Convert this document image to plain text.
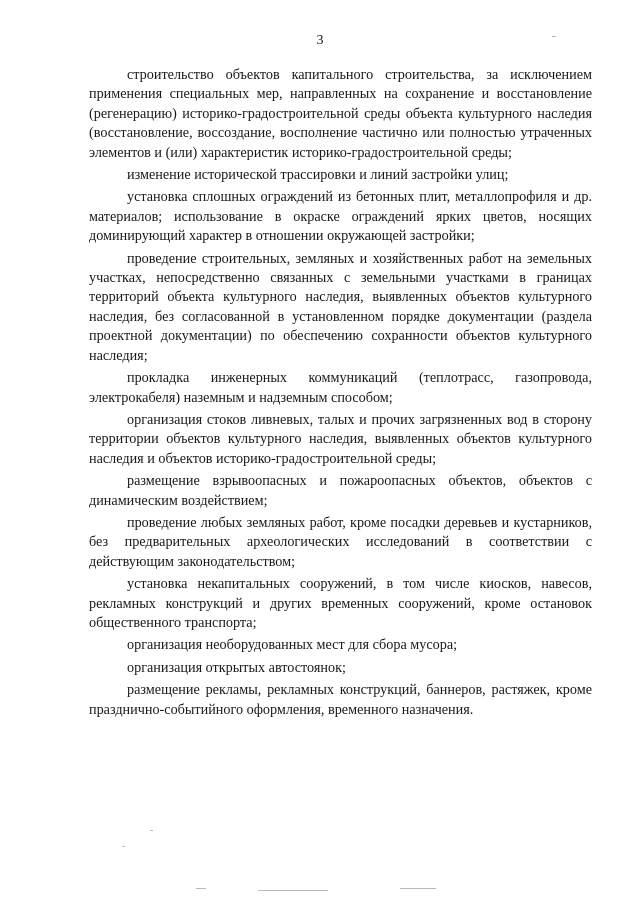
3

строительство объектов капитального строительства, за исключением применения специальных мер, направленных на сохранение и восстановление (регенерацию) историко-градостроительной среды объекта культурного наследия (восстановление, воссоздание, восполнение частично или полностью утраченных элементов и (или) характеристик историко-градостроительной среды;

изменение исторической трассировки и линий застройки улиц;

установка сплошных ограждений из бетонных плит, металлопрофиля и др. материалов; использование в окраске ограждений ярких цветов, носящих доминирующий характер в отношении окружающей застройки;

проведение строительных, земляных и хозяйственных работ на земельных участках, непосредственно связанных с земельными участками в границах территорий объекта культурного наследия, выявленных объектов культурного наследия, без согласованной в установленном порядке документации (раздела проектной документации) по обеспечению сохранности объектов культурного наследия;

прокладка инженерных коммуникаций (теплотрасс, газопровода, электрокабеля) наземным и надземным способом;

организация стоков ливневых, талых и прочих загрязненных вод в сторону территории объектов культурного наследия, выявленных объектов культурного наследия и объектов историко-градостроительной среды;

размещение взрывоопасных и пожароопасных объектов, объектов с динамическим воздействием;

проведение любых земляных работ, кроме посадки деревьев и кустарников, без предварительных археологических исследований в соответствии с действующим законодательством;

установка некапитальных сооружений, в том числе киосков, навесов, рекламных конструкций и других временных сооружений, кроме остановок общественного транспорта;

организация необорудованных мест для сбора мусора;

организация открытых автостоянок;

размещение рекламы, рекламных конструкций, баннеров, растяжек, кроме празднично-событийного оформления, временного назначения.
